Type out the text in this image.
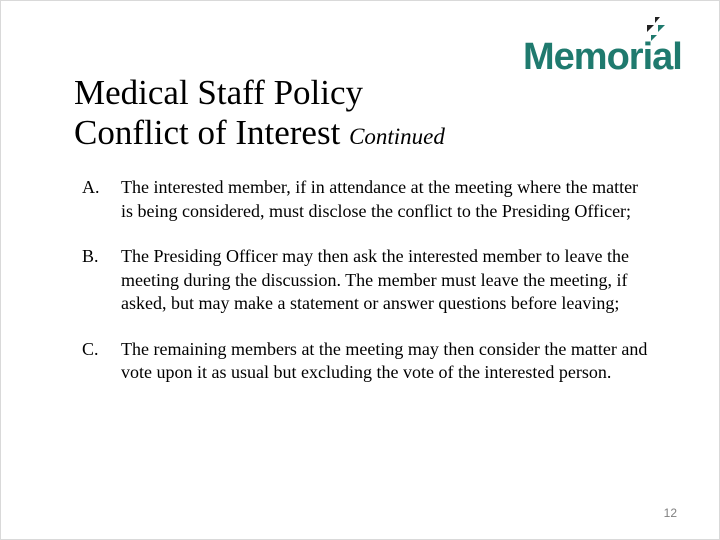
Memorial
Medical Staff Policy
Conflict of Interest Continued
A. The interested member, if in attendance at the meeting where the matter is being considered, must disclose the conflict to the Presiding Officer;
B. The Presiding Officer may then ask the interested member to leave the meeting during the discussion. The member must leave the meeting, if asked, but may make a statement or answer questions before leaving;
C. The remaining members at the meeting may then consider the matter and vote upon it as usual but excluding the vote of the interested person.
12
